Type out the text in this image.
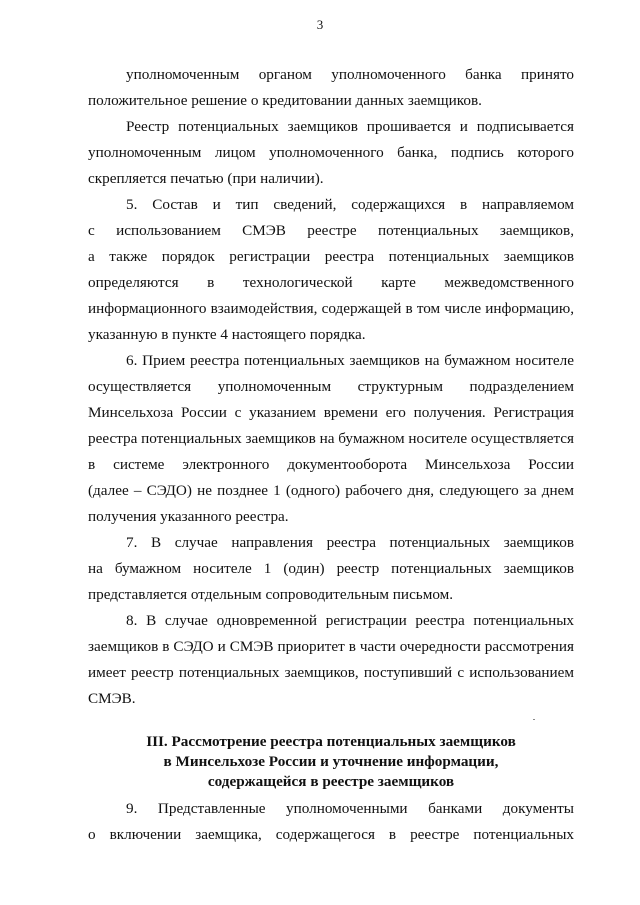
3
уполномоченным органом уполномоченного банка принято
положительное решение о кредитовании данных заемщиков.
Реестр потенциальных заемщиков прошивается и подписывается
уполномоченным лицом уполномоченного банка, подпись которого
скрепляется печатью (при наличии).
5. Состав и тип сведений, содержащихся в направляемом
с использованием СМЭВ реестре потенциальных заемщиков,
а также порядок регистрации реестра потенциальных заемщиков
определяются в технологической карте межведомственного
информационного взаимодействия, содержащей в том числе информацию,
указанную в пункте 4 настоящего порядка.
6. Прием реестра потенциальных заемщиков на бумажном носителе
осуществляется уполномоченным структурным подразделением
Минсельхоза России с указанием времени его получения. Регистрация
реестра потенциальных заемщиков на бумажном носителе осуществляется
в системе электронного документооборота Минсельхоза России
(далее – СЭДО) не позднее 1 (одного) рабочего дня, следующего за днем
получения указанного реестра.
7. В случае направления реестра потенциальных заемщиков
на бумажном носителе 1 (один) реестр потенциальных заемщиков
представляется отдельным сопроводительным письмом.
8. В случае одновременной регистрации реестра потенциальных
заемщиков в СЭДО и СМЭВ приоритет в части очередности рассмотрения
имеет реестр потенциальных заемщиков, поступивший с использованием
СМЭВ.
III. Рассмотрение реестра потенциальных заемщиков
в Минсельхозе России и уточнение информации,
содержащейся в реестре заемщиков
9. Представленные уполномоченными банками документы
о включении заемщика, содержащегося в реестре потенциальных
